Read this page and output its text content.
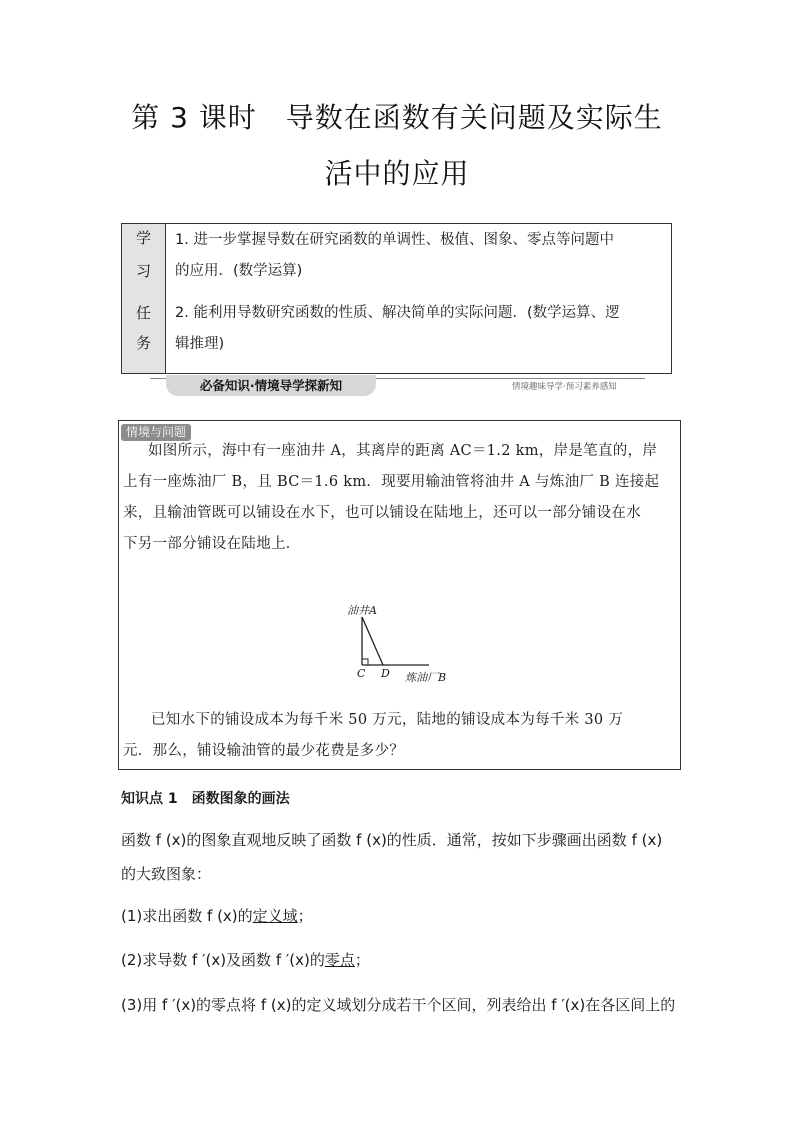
第 3 课时　导数在函数有关问题及实际生
活中的应用
学
习
任
务
1. 进一步掌握导数在研究函数的单调性、极值、图象、零点等问题中
的应用．(数学运算)
2. 能利用导数研究函数的性质、解决简单的实际问题．(数学运算、逻
辑推理)
必备知识·情境导学探新知	情境趣味导学·预习素养感知
情境与问题
如图所示，海中有一座油井 A，其离岸的距离 AC＝1.2 km，岸是笔直的，岸
上有一座炼油厂 B，且 BC＝1.6 km．现要用输油管将油井 A 与炼油厂 B 连接起
来，且输油管既可以铺设在水下，也可以铺设在陆地上，还可以一部分铺设在水
下另一部分铺设在陆地上．
油井A
C D 炼油厂B
已知水下的铺设成本为每千米 50 万元，陆地的铺设成本为每千米 30 万
元．那么，铺设输油管的最少花费是多少？
知识点 1　函数图象的画法
函数 f (x)的图象直观地反映了函数 f (x)的性质．通常，按如下步骤画出函数 f (x)
的大致图象：
(1)求出函数 f (x)的定义域；
(2)求导数 f ′(x)及函数 f ′(x)的零点；
(3)用 f ′(x)的零点将 f (x)的定义域划分成若干个区间，列表给出 f ′(x)在各区间上的
